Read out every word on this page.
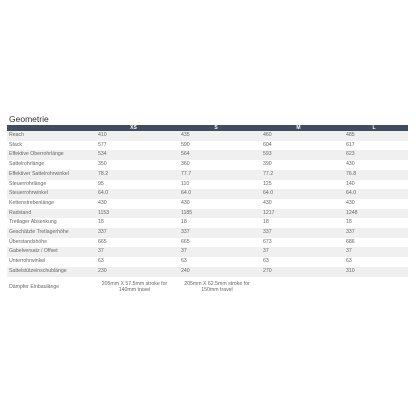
Geometrie
	XS	S	M	L
Reach	410	435	460	485
Stack	577	590	604	617
Effektive Oberrohrlänge	534	564	593	623
Sattelrohrlänge	350	360	390	430
Effektiver Sattelrohrwinkel	78.2	77.7	77.2	76.8
Steuerrohrlänge	95	110	125	140
Steuerrohrwinkel	64.0	64.0	64.0	64.0
Kettenstrebenlänge	430	430	430	430
Radstand	1153	1185	1217	1248
Tretlager Absenkung	18	18	18	18
Geschätzte Tretlagerhöhe	337	337	337	337
Überstandshöhe	665	665	673	686
Gabelversatz / Offset	37	37	37	37
Unterrohrwinkel	63	63	63	63
Sattelstützeinschublänge	230	240	270	310
Dämpfer Einbaulänge	205mm X 57.5mm stroke for 140mm travel	205mm X 62.5mm stroke for 150mm travel		
